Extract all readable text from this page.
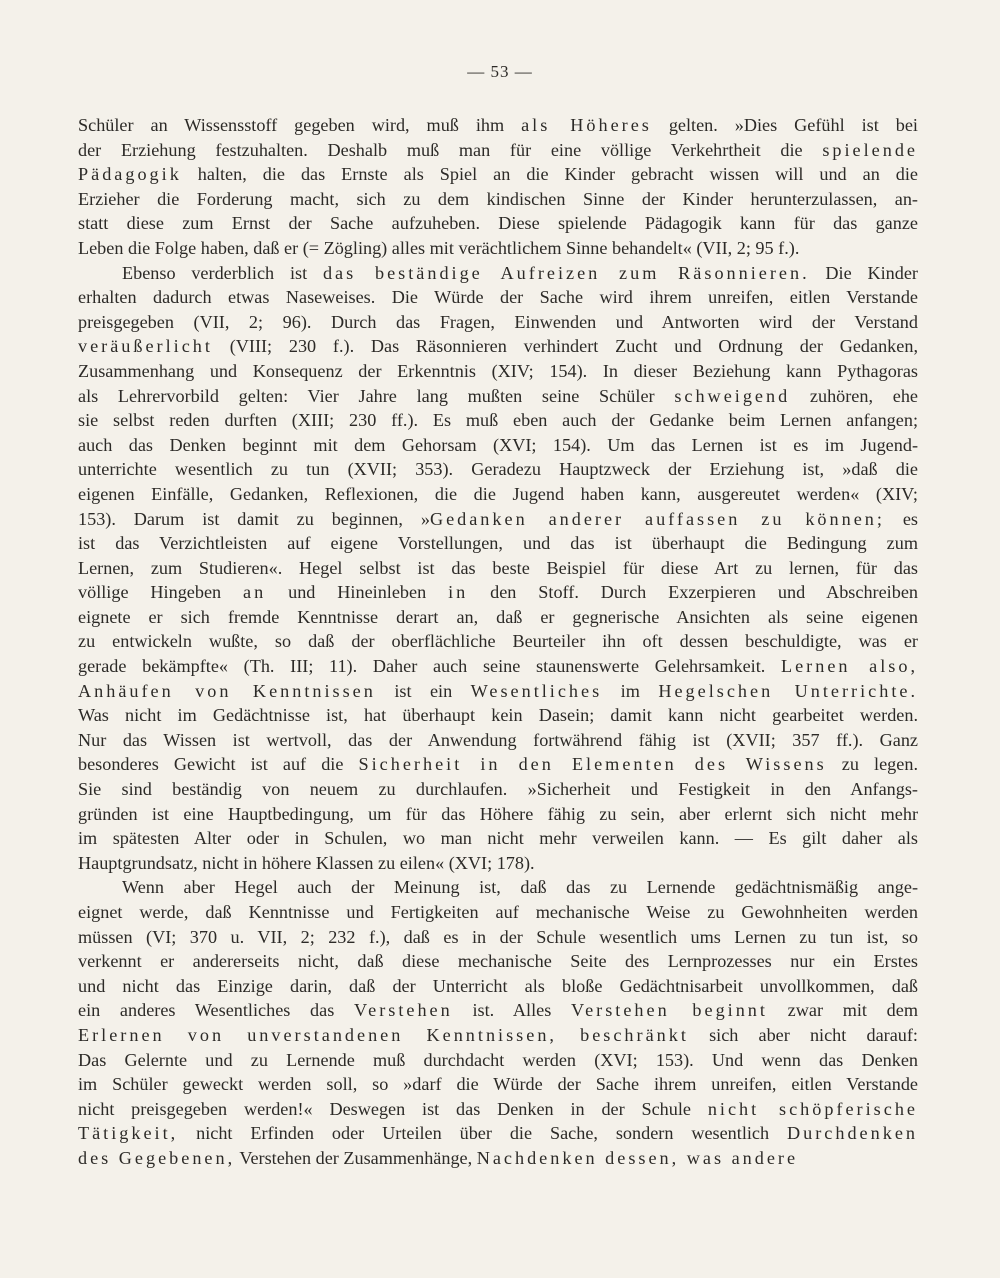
— 53 —

Schüler an Wissensstoff gegeben wird, muß ihm als Höheres gelten. »Dies Gefühl ist bei

der Erziehung festzuhalten. Deshalb muß man für eine völlige Verkehrtheit die spielende

Pädagogik halten, die das Ernste als Spiel an die Kinder gebracht wissen will und an die

Erzieher die Forderung macht, sich zu dem kindischen Sinne der Kinder herunterzulassen, an-

statt diese zum Ernst der Sache aufzuheben. Diese spielende Pädagogik kann für das ganze

Leben die Folge haben, daß er (= Zögling) alles mit verächtlichem Sinne behandelt« (VII, 2; 95 f.).

Ebenso verderblich ist das beständige Aufreizen zum Räsonnieren. Die Kinder

erhalten dadurch etwas Naseweises. Die Würde der Sache wird ihrem unreifen, eitlen Verstande

preisgegeben (VII, 2; 96). Durch das Fragen, Einwenden und Antworten wird der Verstand

veräußerlicht (VIII; 230 f.). Das Räsonnieren verhindert Zucht und Ordnung der Gedanken,

Zusammenhang und Konsequenz der Erkenntnis (XIV; 154). In dieser Beziehung kann Pythagoras

als Lehrervorbild gelten: Vier Jahre lang mußten seine Schüler schweigend zuhören, ehe

sie selbst reden durften (XIII; 230 ff.). Es muß eben auch der Gedanke beim Lernen anfangen;

auch das Denken beginnt mit dem Gehorsam (XVI; 154). Um das Lernen ist es im Jugend-

unterrichte wesentlich zu tun (XVII; 353). Geradezu Hauptzweck der Erziehung ist, »daß die

eigenen Einfälle, Gedanken, Reflexionen, die die Jugend haben kann, ausgereutet werden« (XIV;

153). Darum ist damit zu beginnen, »Gedanken anderer auffassen zu können; es

ist das Verzichtleisten auf eigene Vorstellungen, und das ist überhaupt die Bedingung zum

Lernen, zum Studieren«. Hegel selbst ist das beste Beispiel für diese Art zu lernen, für das

völlige Hingeben an und Hineinleben in den Stoff. Durch Exzerpieren und Abschreiben

eignete er sich fremde Kenntnisse derart an, daß er gegnerische Ansichten als seine eigenen

zu entwickeln wußte, so daß der oberflächliche Beurteiler ihn oft dessen beschuldigte, was er

gerade bekämpfte« (Th. III; 11). Daher auch seine staunenswerte Gelehrsamkeit. Lernen also,

Anhäufen von Kenntnissen ist ein Wesentliches im Hegelschen Unterrichte.

Was nicht im Gedächtnisse ist, hat überhaupt kein Dasein; damit kann nicht gearbeitet werden.

Nur das Wissen ist wertvoll, das der Anwendung fortwährend fähig ist (XVII; 357 ff.). Ganz

besonderes Gewicht ist auf die Sicherheit in den Elementen des Wissens zu legen.

Sie sind beständig von neuem zu durchlaufen. »Sicherheit und Festigkeit in den Anfangs-

gründen ist eine Hauptbedingung, um für das Höhere fähig zu sein, aber erlernt sich nicht mehr

im spätesten Alter oder in Schulen, wo man nicht mehr verweilen kann. — Es gilt daher als

Hauptgrundsatz, nicht in höhere Klassen zu eilen« (XVI; 178).

Wenn aber Hegel auch der Meinung ist, daß das zu Lernende gedächtnismäßig ange-

eignet werde, daß Kenntnisse und Fertigkeiten auf mechanische Weise zu Gewohnheiten werden

müssen (VI; 370 u. VII, 2; 232 f.), daß es in der Schule wesentlich ums Lernen zu tun ist, so

verkennt er andererseits nicht, daß diese mechanische Seite des Lernprozesses nur ein Erstes

und nicht das Einzige darin, daß der Unterricht als bloße Gedächtnisarbeit unvollkommen, daß

ein anderes Wesentliches das Verstehen ist. Alles Verstehen beginnt zwar mit dem

Erlernen von unverstandenen Kenntnissen, beschränkt sich aber nicht darauf:

Das Gelernte und zu Lernende muß durchdacht werden (XVI; 153). Und wenn das Denken

im Schüler geweckt werden soll, so »darf die Würde der Sache ihrem unreifen, eitlen Verstande

nicht preisgegeben werden!« Deswegen ist das Denken in der Schule nicht schöpferische

Tätigkeit, nicht Erfinden oder Urteilen über die Sache, sondern wesentlich Durchdenken

des Gegebenen, Verstehen der Zusammenhänge, Nachdenken dessen, was andere
